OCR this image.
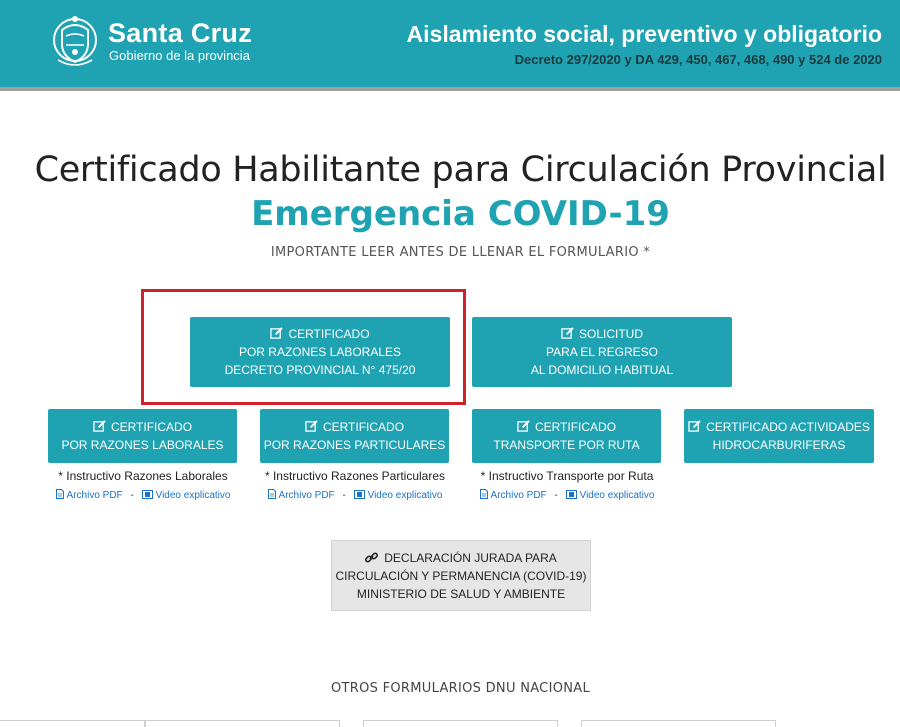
Santa Cruz
Gobierno de la provincia
Aislamiento social, preventivo y obligatorio
Decreto 297/2020 y DA 429, 450, 467, 468, 490 y 524 de 2020
Certificado Habilitante para Circulación Provincial
Emergencia COVID-19
IMPORTANTE LEER ANTES DE LLENAR EL FORMULARIO *
CERTIFICADO
POR RAZONES LABORALES
DECRETO PROVINCIAL N° 475/20
SOLICITUD
PARA EL REGRESO
AL DOMICILIO HABITUAL
CERTIFICADO
POR RAZONES LABORALES
CERTIFICADO
POR RAZONES PARTICULARES
CERTIFICADO
TRANSPORTE POR RUTA
CERTIFICADO ACTIVIDADES
HIDROCARBURIFERAS
* Instructivo Razones Laborales
Archivo PDF - Video explicativo
* Instructivo Razones Particulares
Archivo PDF - Video explicativo
* Instructivo Transporte por Ruta
Archivo PDF - Video explicativo
DECLARACIÓN JURADA PARA
CIRCULACIÓN Y PERMANENCIA (COVID-19)
MINISTERIO DE SALUD Y AMBIENTE
OTROS FORMULARIOS DNU NACIONAL
